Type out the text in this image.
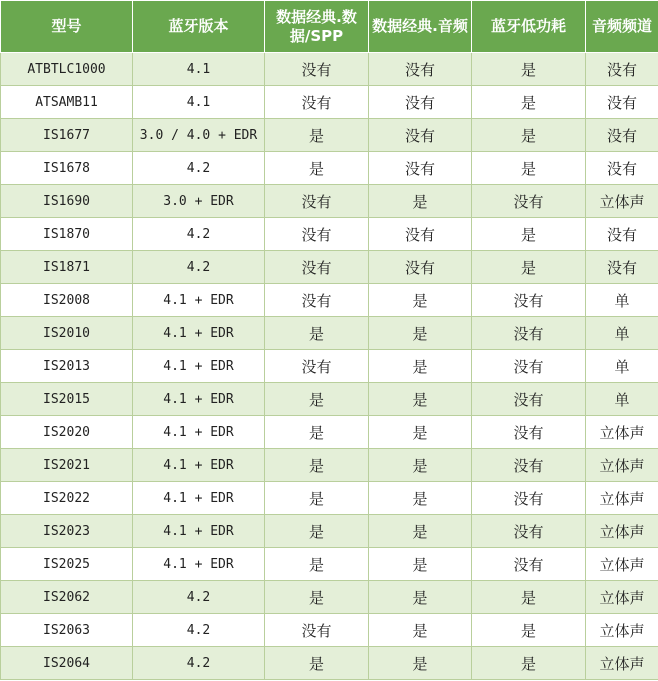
型号	蓝牙版本	数据经典.数据/SPP	数据经典.音频	蓝牙低功耗	音频频道
ATBTLC1000	4.1	没有	没有	是	没有
ATSAMB11	4.1	没有	没有	是	没有
IS1677	3.0 / 4.0 + EDR	是	没有	是	没有
IS1678	4.2	是	没有	是	没有
IS1690	3.0 + EDR	没有	是	没有	立体声
IS1870	4.2	没有	没有	是	没有
IS1871	4.2	没有	没有	是	没有
IS2008	4.1 + EDR	没有	是	没有	单
IS2010	4.1 + EDR	是	是	没有	单
IS2013	4.1 + EDR	没有	是	没有	单
IS2015	4.1 + EDR	是	是	没有	单
IS2020	4.1 + EDR	是	是	没有	立体声
IS2021	4.1 + EDR	是	是	没有	立体声
IS2022	4.1 + EDR	是	是	没有	立体声
IS2023	4.1 + EDR	是	是	没有	立体声
IS2025	4.1 + EDR	是	是	没有	立体声
IS2062	4.2	是	是	是	立体声
IS2063	4.2	没有	是	是	立体声
IS2064	4.2	是	是	是	立体声
